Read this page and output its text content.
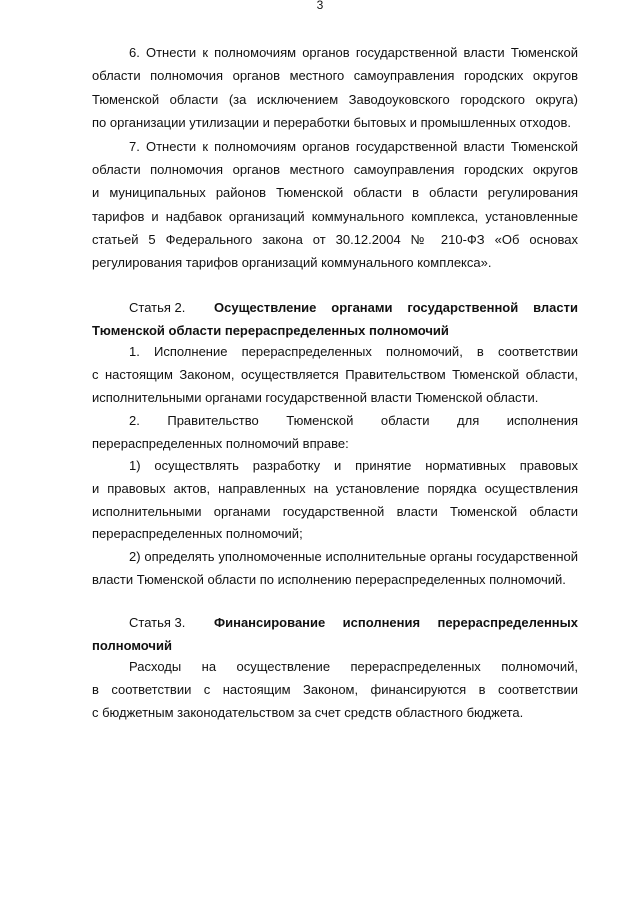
3
6. Отнести к полномочиям органов государственной власти Тюменской
области полномочия органов местного самоуправления городских округов
Тюменской области (за исключением Заводоуковского городского округа)
по организации утилизации и переработки бытовых и промышленных отходов.
7. Отнести к полномочиям органов государственной власти Тюменской
области полномочия органов местного самоуправления городских округов
и муниципальных районов Тюменской области в области регулирования
тарифов и надбавок организаций коммунального комплекса, установленные
статьей 5 Федерального закона от 30.12.2004 № 210-ФЗ «Об основах
регулирования тарифов организаций коммунального комплекса».
Статья 2. Осуществление органами государственной власти
Тюменской области перераспределенных полномочий
1. Исполнение перераспределенных полномочий, в соответствии
с настоящим Законом, осуществляется Правительством Тюменской области,
исполнительными органами государственной власти Тюменской области.
2. Правительство Тюменской области для исполнения
перераспределенных полномочий вправе:
1) осуществлять разработку и принятие нормативных правовых
и правовых актов, направленных на установление порядка осуществления
исполнительными органами государственной власти Тюменской области
перераспределенных полномочий;
2) определять уполномоченные исполнительные органы государственной
власти Тюменской области по исполнению перераспределенных полномочий.
Статья 3. Финансирование исполнения перераспределенных
полномочий
Расходы на осуществление перераспределенных полномочий,
в соответствии с настоящим Законом, финансируются в соответствии
с бюджетным законодательством за счет средств областного бюджета.
